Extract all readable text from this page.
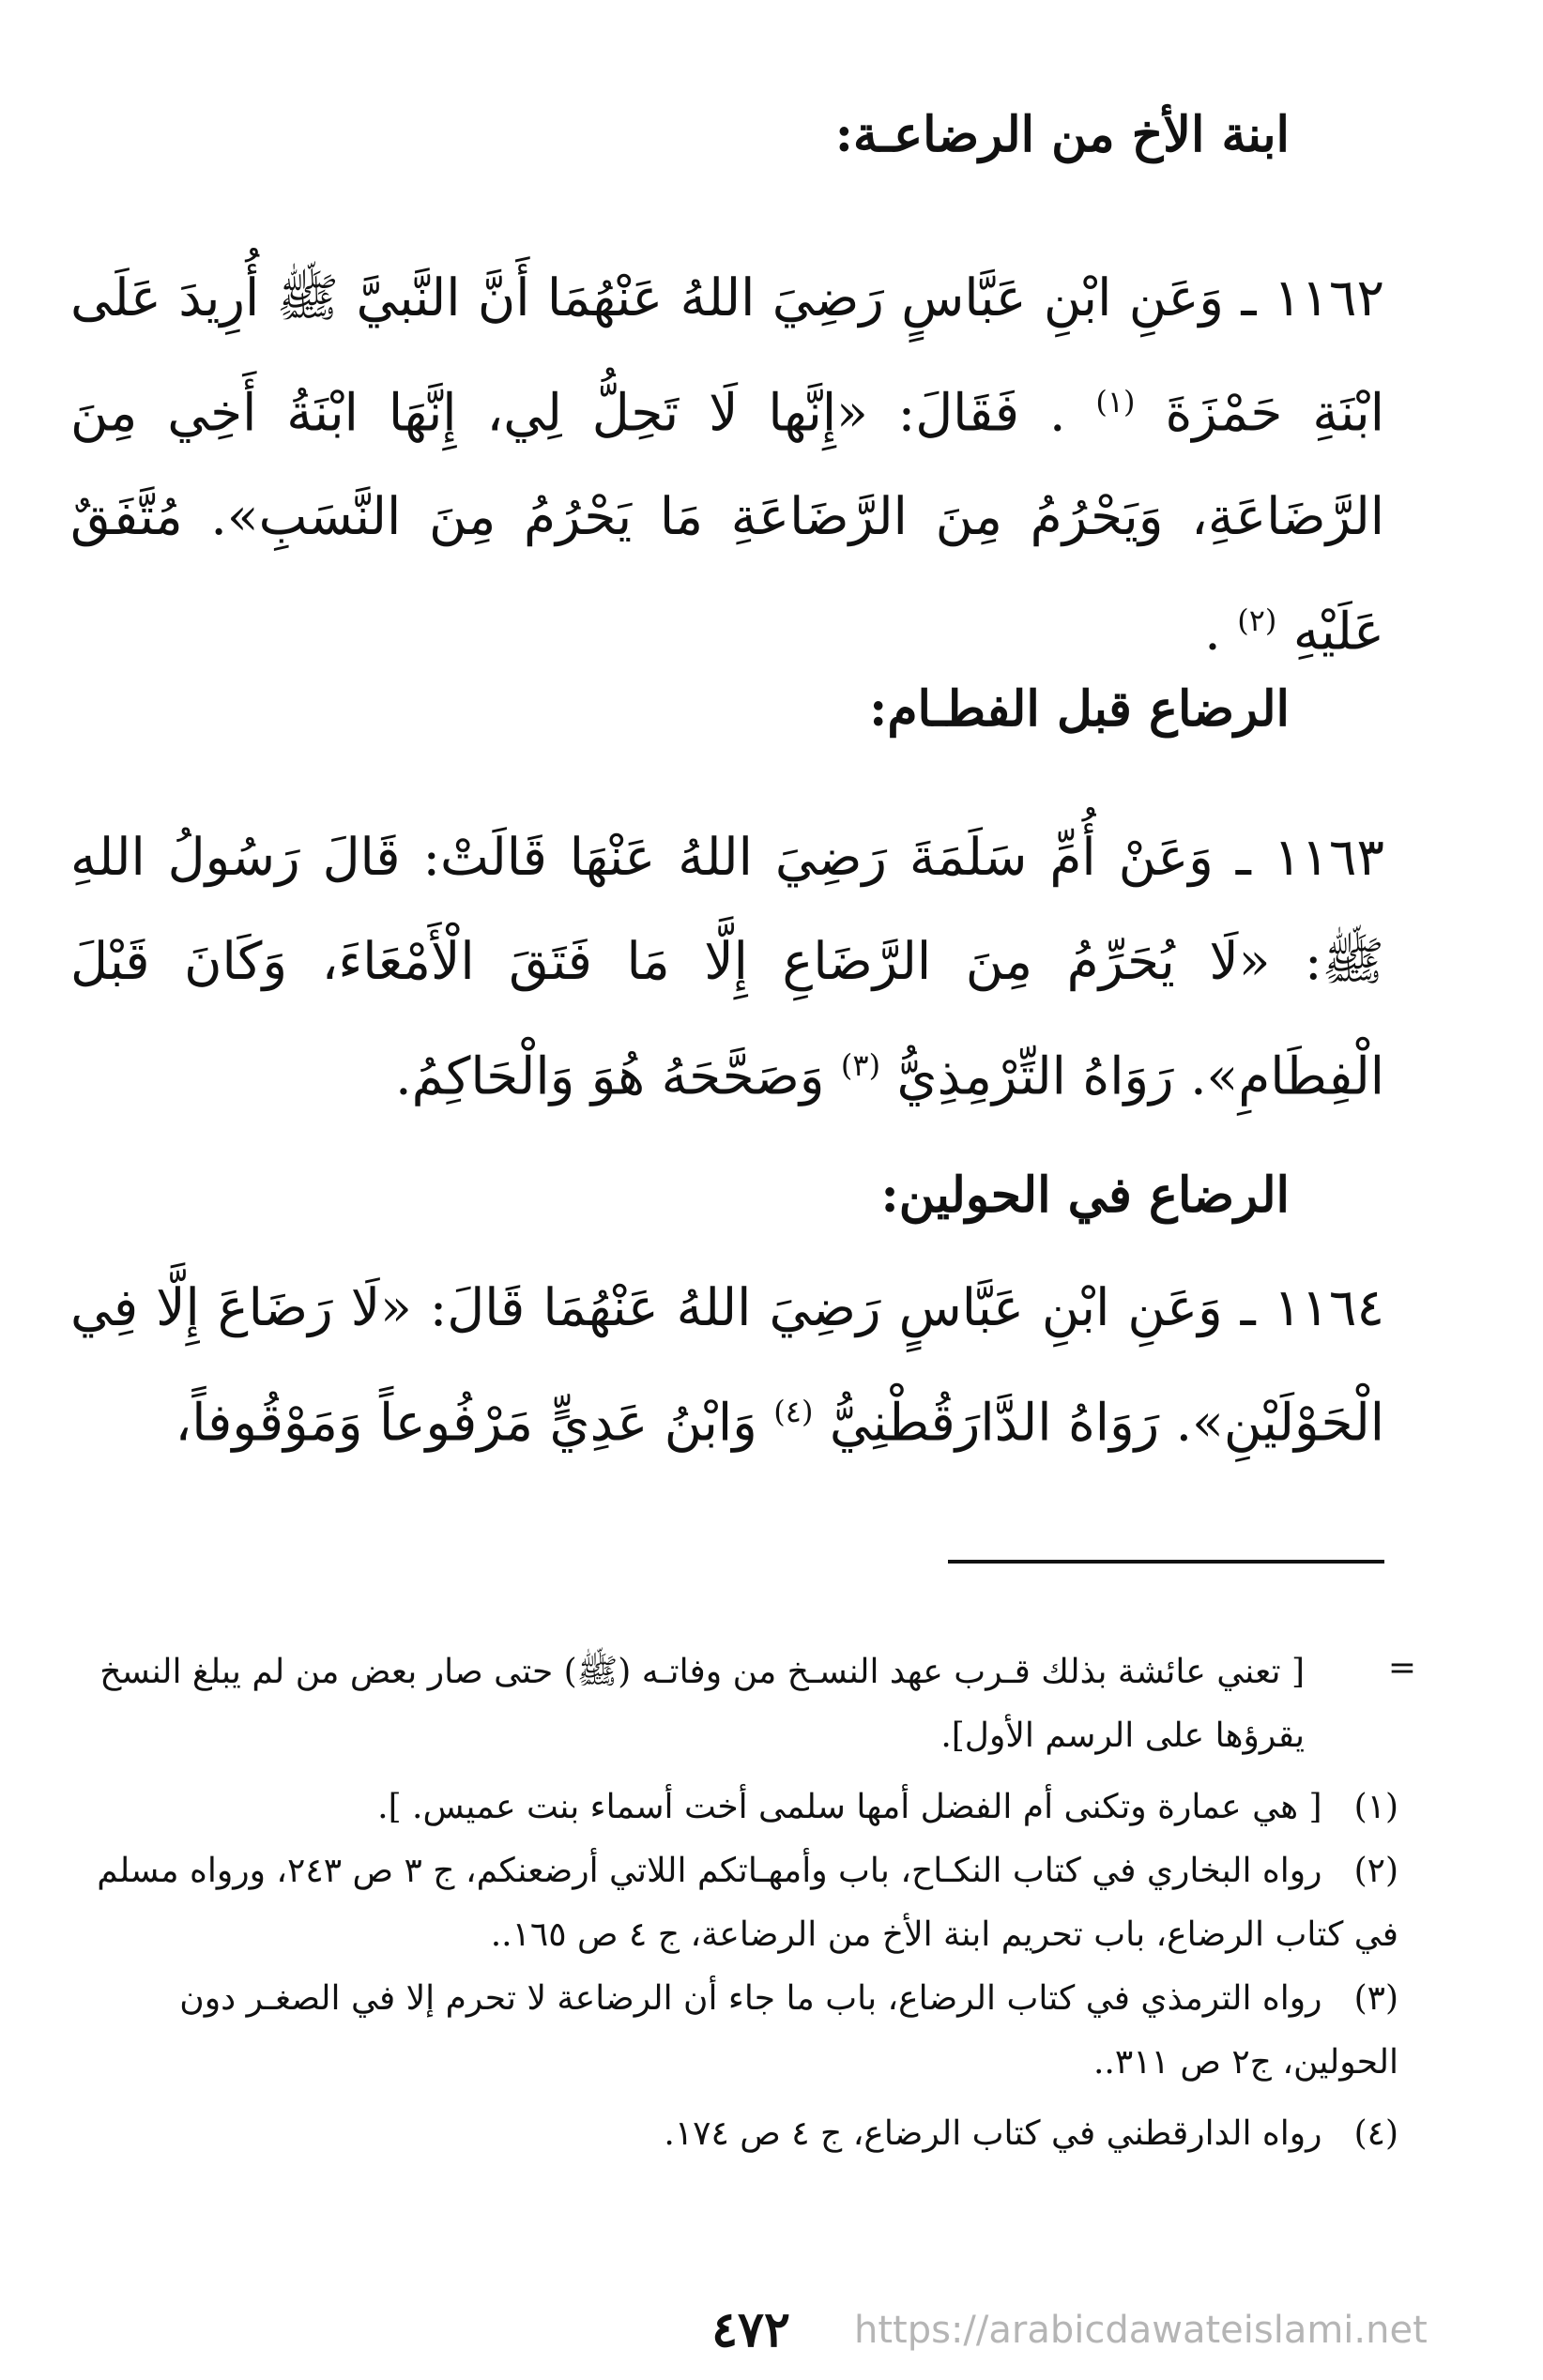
ابنة الأخ من الرضاعـة:
١١٦٢ ـ وَعَنِ ابْنِ عَبَّاسٍ رَضِيَ اللهُ عَنْهُمَا أَنَّ النَّبيَّ ﷺ أُرِيدَ عَلَى ابْنَةِ حَمْزَةَ $^{(١)}$ . فَقَالَ: «إِنَّها لَا تَحِلُّ لِي، إِنَّهَا ابْنَةُ أَخِي مِنَ الرَّضَاعَةِ، وَيَحْرُمُ مِنَ الرَّضَاعَةِ مَا يَحْرُمُ مِنَ النَّسَبِ». مُتَّفَقٌ عَلَيْهِ $^{(٢)}$ .
الرضاع قبل الفطـام:
١١٦٣ ـ وَعَنْ أُمِّ سَلَمَةَ رَضِيَ اللهُ عَنْهَا قَالَتْ: قَالَ رَسُولُ اللهِ ﷺ: «لَا يُحَرِّمُ مِنَ الرَّضَاعِ إِلَّا مَا فَتَقَ الْأَمْعَاءَ، وَكَانَ قَبْلَ الْفِطَامِ». رَوَاهُ التِّرْمِذِيُّ $^{(٣)}$ وَصَحَّحَهُ هُوَ وَالْحَاكِمُ.
الرضاع في الحولين:
١١٦٤ ـ وَعَنِ ابْنِ عَبَّاسٍ رَضِيَ اللهُ عَنْهُمَا قَالَ: «لَا رَضَاعَ إِلَّا فِي الْحَوْلَيْنِ». رَوَاهُ الدَّارَقُطْنِيُّ $^{(٤)}$ وَابْنُ عَدِيٍّ مَرْفُوعاً وَمَوْقُوفاً،
=
[ تعني عائشة بذلك قـرب عهد النسـخ من وفاتـه (ﷺ) حتى صار بعض من لم يبلغ النسخ يقرؤها على الرسم الأول].
(١) [ هي عمارة وتكنى أم الفضل أمها سلمى أخت أسماء بنت عميس. ].
(٢) رواه البخاري في كتاب النكـاح، باب وأمهـاتكم اللاتي أرضعنكم، ج ٣ ص ٢٤٣، ورواه مسلم في كتاب الرضاع، باب تحريم ابنة الأخ من الرضاعة، ج ٤ ص ١٦٥..
(٣) رواه الترمذي في كتاب الرضاع، باب ما جاء أن الرضاعة لا تحرم إلا في الصغـر دون الحولين، ج٢ ص ٣١١..
(٤) رواه الدارقطني في كتاب الرضاع، ج ٤ ص ١٧٤.
٤٧٢	https://arabicdawateislami.net
